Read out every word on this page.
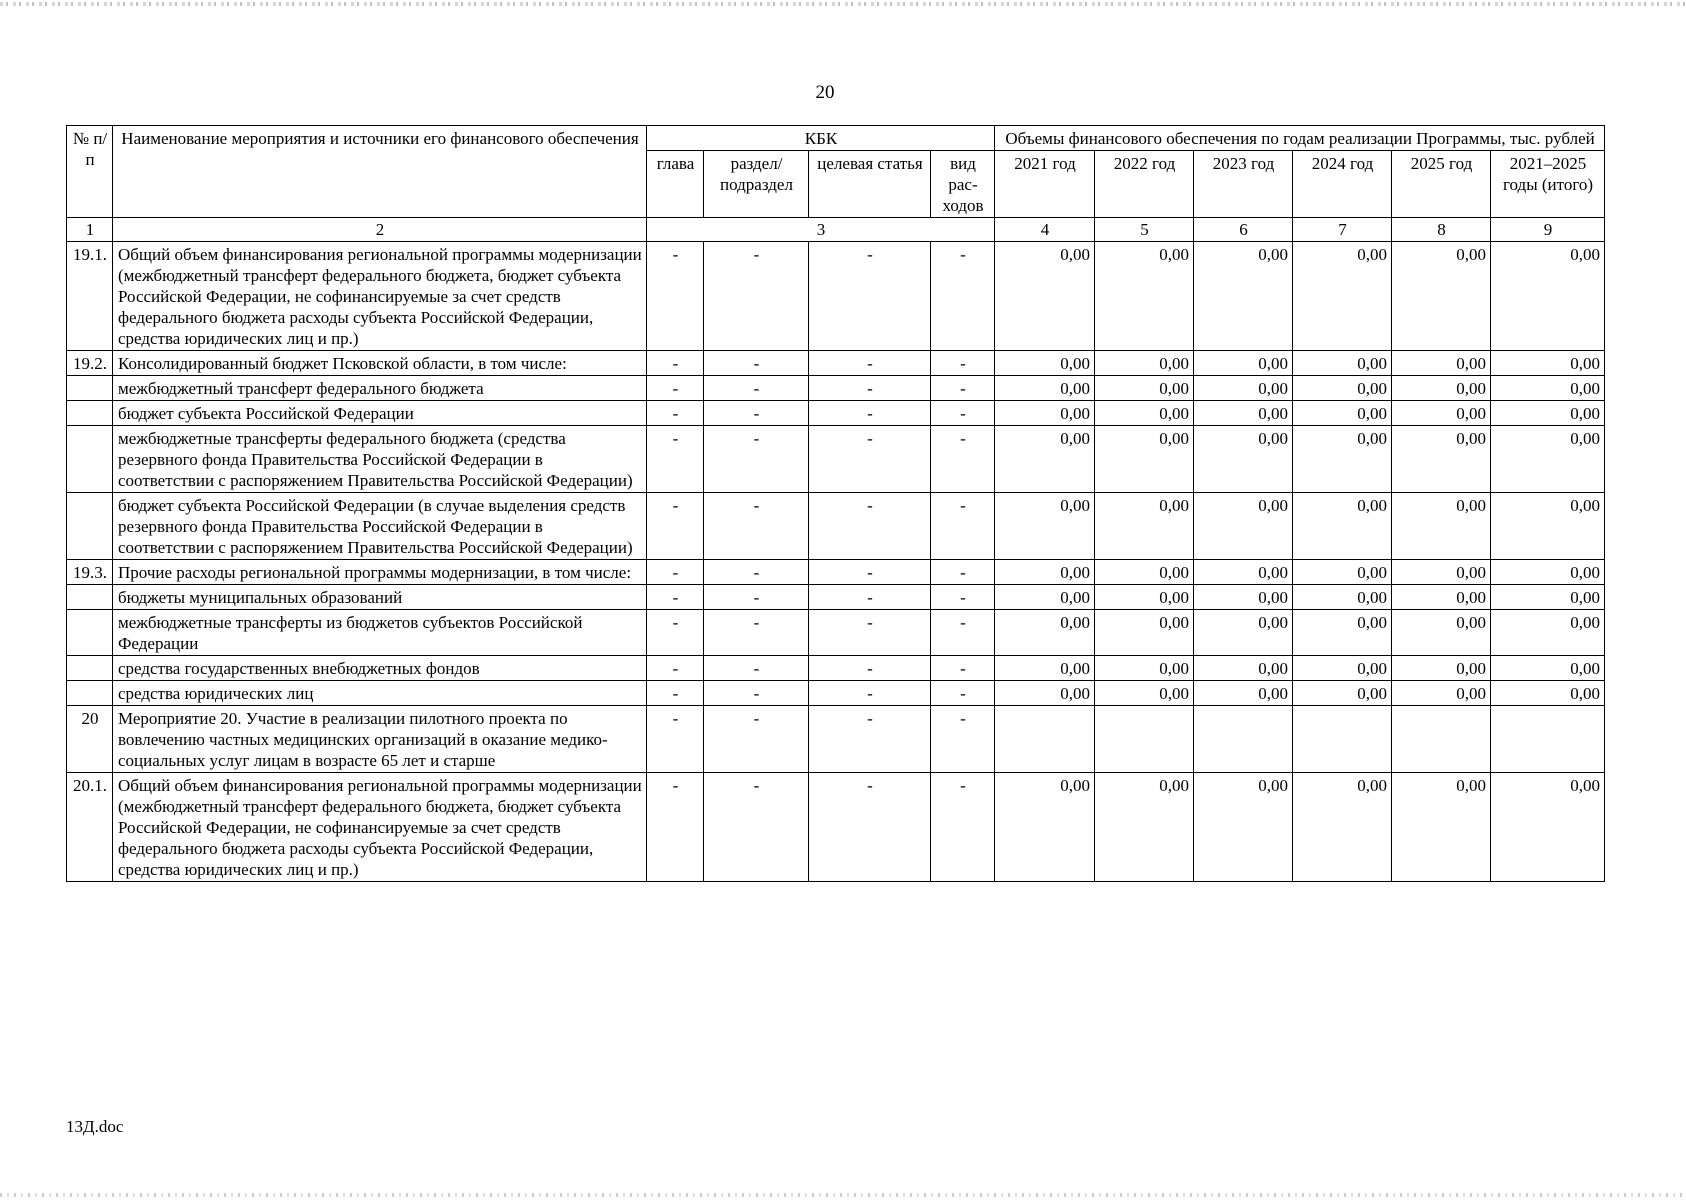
20
№ п/п	Наименование мероприятия и источники его финансового обеспечения	КБК				Объемы финансового обеспечения по годам реализации Программы, тыс. рублей					
		глава	раздел/ подраздел	целевая статья	вид рас-ходов	2021 год	2022 год	2023 год	2024 год	2025 год	2021–2025 годы (итого)
1	2	3				4	5	6	7	8	9
19.1.	Общий объем финансирования региональной программы модернизации (межбюджетный трансферт федерального бюджета, бюджет субъекта Российской Федерации, не софинансируемые за счет средств федерального бюджета расходы субъекта Российской Федерации, средства юридических лиц и пр.)	-	-	-	-	0,00	0,00	0,00	0,00	0,00	0,00
19.2.	Консолидированный бюджет Псковской области, в том числе:	-	-	-	-	0,00	0,00	0,00	0,00	0,00	0,00
	межбюджетный трансферт федерального бюджета	-	-	-	-	0,00	0,00	0,00	0,00	0,00	0,00
	бюджет субъекта Российской Федерации	-	-	-	-	0,00	0,00	0,00	0,00	0,00	0,00
	межбюджетные трансферты федерального бюджета (средства резервного фонда Правительства Российской Федерации в соответствии с распоряжением Правительства Российской Федерации)	-	-	-	-	0,00	0,00	0,00	0,00	0,00	0,00
	бюджет субъекта Российской Федерации (в случае выделения средств резервного фонда Правительства Российской Федерации в соответствии с распоряжением Правительства Российской Федерации)	-	-	-	-	0,00	0,00	0,00	0,00	0,00	0,00
19.3.	Прочие расходы региональной программы модернизации, в том числе:	-	-	-	-	0,00	0,00	0,00	0,00	0,00	0,00
	бюджеты муниципальных образований	-	-	-	-	0,00	0,00	0,00	0,00	0,00	0,00
	межбюджетные трансферты из бюджетов субъектов Российской Федерации	-	-	-	-	0,00	0,00	0,00	0,00	0,00	0,00
	средства государственных внебюджетных фондов	-	-	-	-	0,00	0,00	0,00	0,00	0,00	0,00
	средства юридических лиц	-	-	-	-	0,00	0,00	0,00	0,00	0,00	0,00
20	Мероприятие 20. Участие в реализации пилотного проекта по вовлечению частных медицинских организаций в оказание медико-социальных услуг лицам в возрасте 65 лет и старше	-	-	-	-						
20.1.	Общий объем финансирования региональной программы модернизации (межбюджетный трансферт федерального бюджета, бюджет субъекта Российской Федерации, не софинансируемые за счет средств федерального бюджета расходы субъекта Российской Федерации, средства юридических лиц и пр.)	-	-	-	-	0,00	0,00	0,00	0,00	0,00	0,00
13Д.doc
